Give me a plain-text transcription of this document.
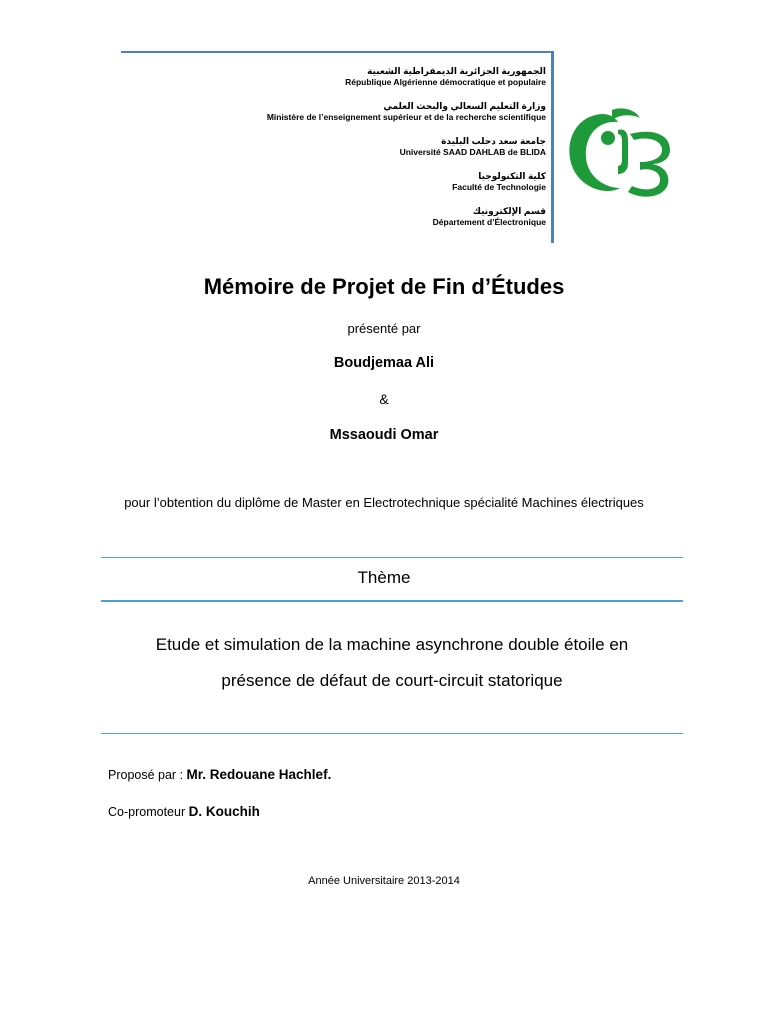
الجمهورية الجزائرية الديمقراطية الشعبية
République Algérienne démocratique et populaire
وزارة التعليم السعالي والبحث العلمي
Ministère de l’enseignement supérieur et de la recherche scientifique
جامعة سعد دحلب البليدة
Université SAAD DAHLAB de BLIDA
كلية التكنولوجيا
Faculté de Technologie
قسم الإلكترونيك
Département d’Électronique
Mémoire de Projet de Fin d’Études
présenté par
Boudjemaa Ali
&
Mssaoudi Omar
pour l’obtention du diplôme de Master en Electrotechnique spécialité Machines électriques
Thème
Etude et simulation de la machine asynchrone double étoile en
présence de défaut de court-circuit statorique
Proposé par : Mr. Redouane Hachlef.
Co-promoteur D. Kouchih
Année Universitaire 2013-2014
